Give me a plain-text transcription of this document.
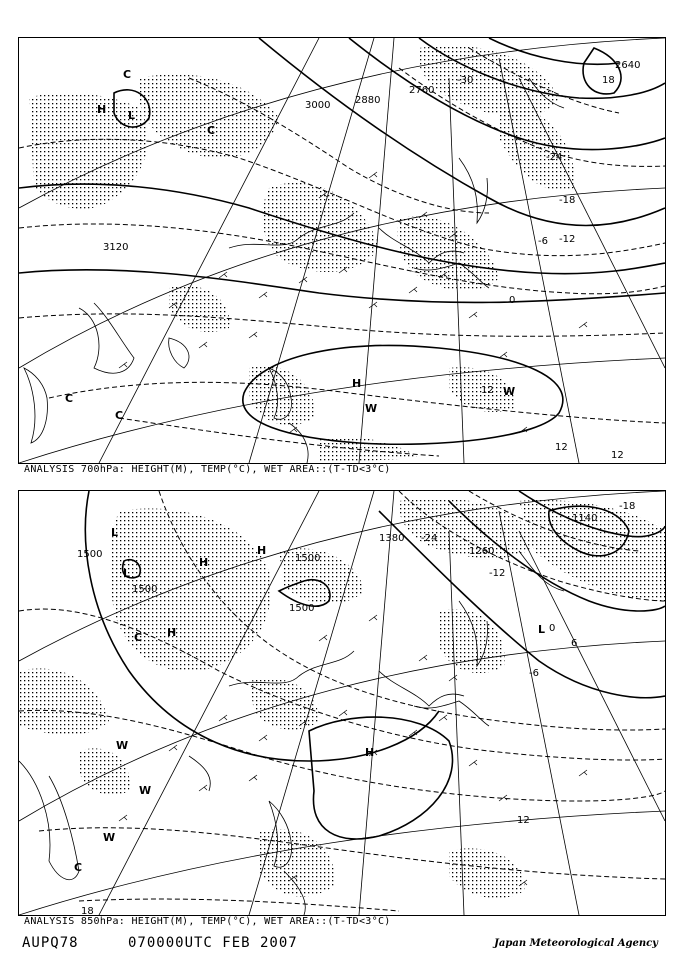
3120
3000 2880
2760
2640
-30
-24
-18
-12
-6
0
12
12
12
18
L
H
C
C
C
C
H
W
W
ANALYSIS 700hPa: HEIGHT(M), TEMP(°C), WET AREA::(T-TD<3°C)
1500
1500
1500
1380
1260
1140
1500
-24
-18
-12
-6
0
6
12
18
L
L
H
H
H
C
L
H
W
W
C
W
ANALYSIS 850hPa: HEIGHT(M), TEMP(°C), WET AREA::(T-TD<3°C)
AUPQ78	070000UTC FEB 2007	Japan Meteorological Agency
